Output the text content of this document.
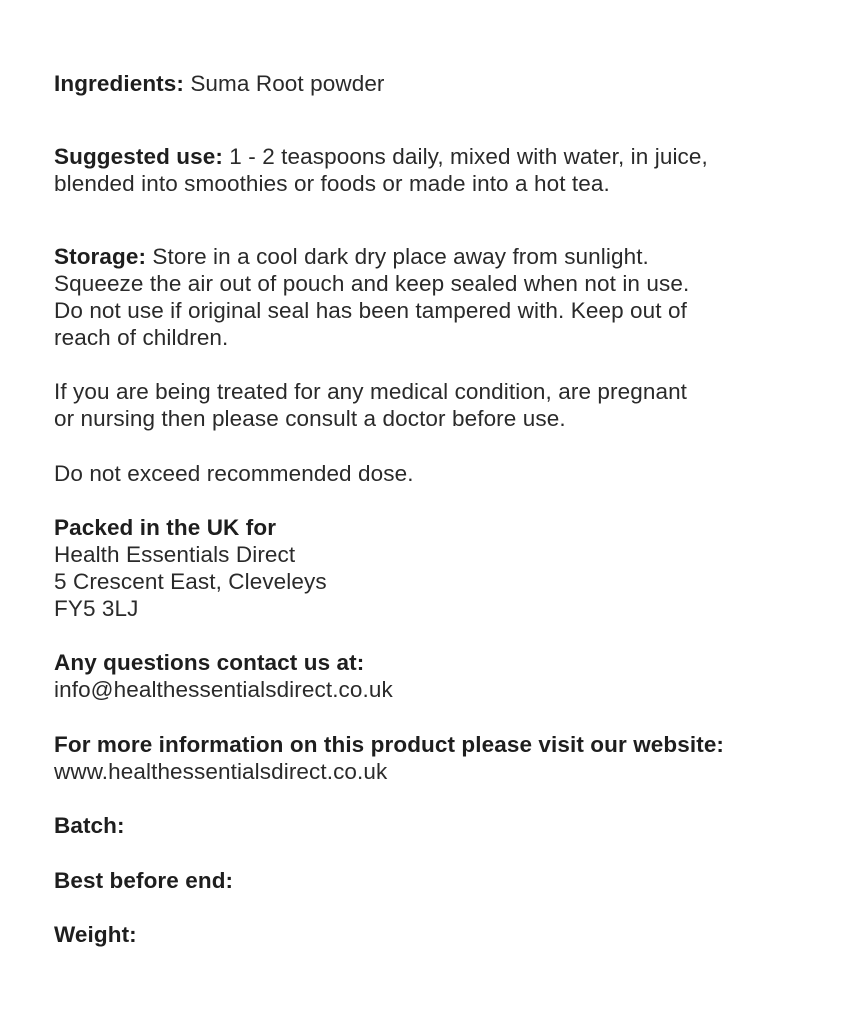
Ingredients: Suma Root powder
Suggested use: 1 - 2 teaspoons daily, mixed with water, in juice,
blended into smoothies or foods or made into a hot tea.
Storage: Store in a cool dark dry place away from sunlight.
Squeeze the air out of pouch and keep sealed when not in use.
Do not use if original seal has been tampered with. Keep out of
reach of children.
If you are being treated for any medical condition, are pregnant
or nursing then please consult a doctor before use.
Do not exceed recommended dose.
Packed in the UK for
Health Essentials Direct
5 Crescent East, Cleveleys
FY5 3LJ
Any questions contact us at:
info@healthessentialsdirect.co.uk
For more information on this product please visit our website:
www.healthessentialsdirect.co.uk
Batch:
Best before end:
Weight:
